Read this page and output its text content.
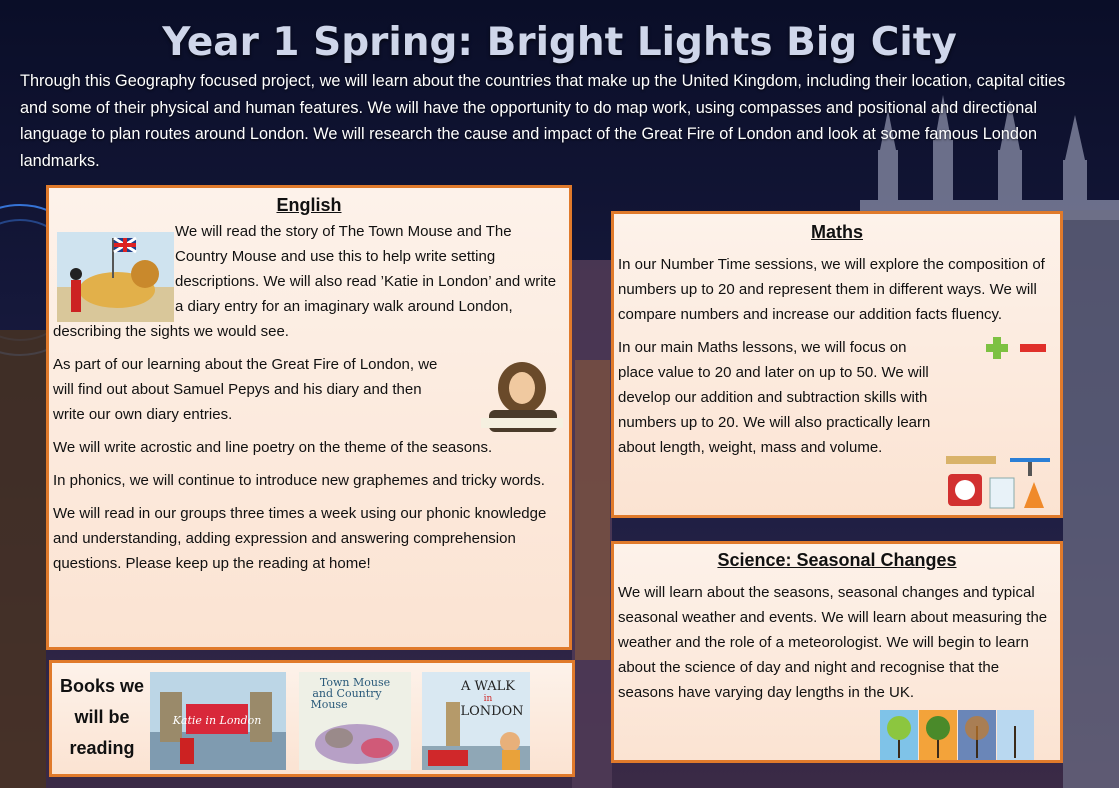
Year 1 Spring: Bright Lights Big City
Through this Geography focused project, we will learn about the countries that make up the United Kingdom, including their location, capital cities and some of their physical and human features. We will have the opportunity to do map work, using compasses and positional and directional language to plan routes around London. We will research the cause and impact of the Great Fire of London and look at some famous London landmarks.
English

We will read the story of The Town Mouse and The Country Mouse and use this to help write setting descriptions. We will also read ’Katie in London’ and write a diary entry for an imaginary walk around London, describing the sights we would see.

As part of our learning about the Great Fire of London, we will find out about Samuel Pepys and his diary and then write our own diary entries.

We will write acrostic and line poetry on the theme of the seasons.

In phonics, we will continue to introduce new graphemes and tricky words.

We will read in our groups three times a week using our phonic knowledge and understanding, adding expression and answering comprehension questions. Please keep up the reading at home!

Maths

In our Number Time sessions, we will explore the composition of numbers up to 20 and represent them in different ways. We will compare numbers and increase our addition facts fluency.

In our main Maths lessons, we will focus on place value to 20 and later on up to 50. We will develop our addition and subtraction skills with numbers up to 20. We will also practically learn about length, weight, mass and volume.

Science: Seasonal Changes

We will learn about the seasons, seasonal changes and typical seasonal weather and events. We will learn about measuring the weather and the role of a meteorologist. We will begin to learn about the science of day and night and recognise that the seasons have varying day lengths in the UK.

Books we
will be
reading
Katie in London
Town Mouse
and Country
Mouse
A WALK
in
LONDON
